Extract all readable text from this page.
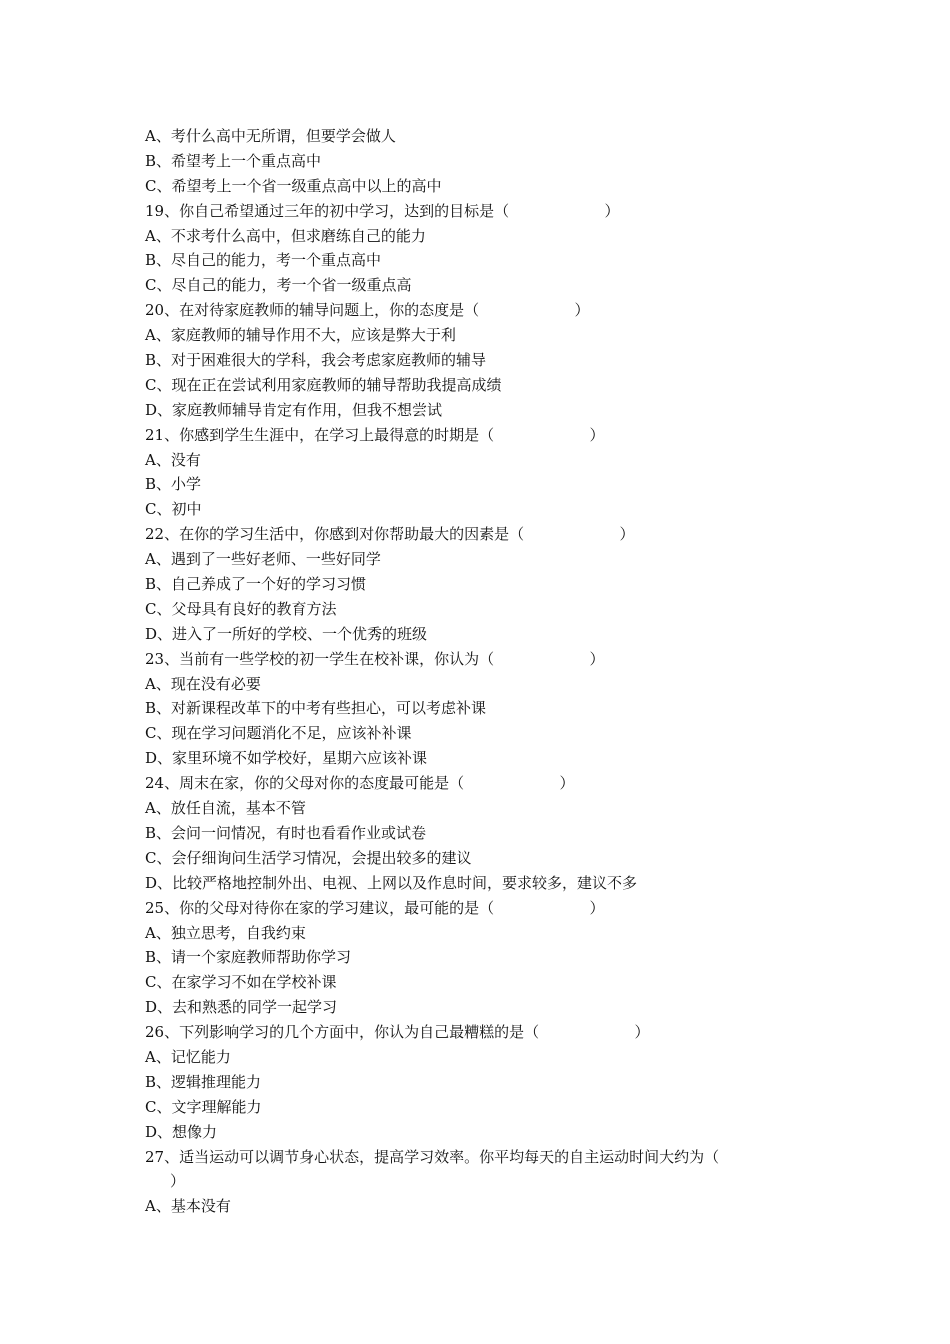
A、考什么高中无所谓，但要学会做人
B、希望考上一个重点高中
C、希望考上一个省一级重点高中以上的高中
19、你自己希望通过三年的初中学习，达到的目标是（                    ）
A、不求考什么高中，但求磨练自己的能力
B、尽自己的能力，考一个重点高中
C、尽自己的能力，考一个省一级重点高
20、在对待家庭教师的辅导问题上，你的态度是（                    ）
A、家庭教师的辅导作用不大，应该是弊大于利
B、对于困难很大的学科，我会考虑家庭教师的辅导
C、现在正在尝试利用家庭教师的辅导帮助我提高成绩
D、家庭教师辅导肯定有作用，但我不想尝试
21、你感到学生生涯中，在学习上最得意的时期是（                    ）
A、没有
B、小学
C、初中
22、在你的学习生活中，你感到对你帮助最大的因素是（                    ）
A、遇到了一些好老师、一些好同学
B、自己养成了一个好的学习习惯
C、父母具有良好的教育方法
D、进入了一所好的学校、一个优秀的班级
23、当前有一些学校的初一学生在校补课，你认为（                    ）
A、现在没有必要
B、对新课程改革下的中考有些担心，可以考虑补课
C、现在学习问题消化不足，应该补补课
D、家里环境不如学校好，星期六应该补课
24、周末在家，你的父母对你的态度最可能是（                    ）
A、放任自流，基本不管
B、会问一问情况，有时也看看作业或试卷
C、会仔细询问生活学习情况，会提出较多的建议
D、比较严格地控制外出、电视、上网以及作息时间，要求较多，建议不多
25、你的父母对待你在家的学习建议，最可能的是（                    ）
A、独立思考，自我约束
B、请一个家庭教师帮助你学习
C、在家学习不如在学校补课
D、去和熟悉的同学一起学习
26、下列影响学习的几个方面中，你认为自己最糟糕的是（                    ）
A、记忆能力
B、逻辑推理能力
C、文字理解能力
D、想像力
27、适当运动可以调节身心状态，提高学习效率。你平均每天的自主运动时间大约为（
）
A、基本没有
